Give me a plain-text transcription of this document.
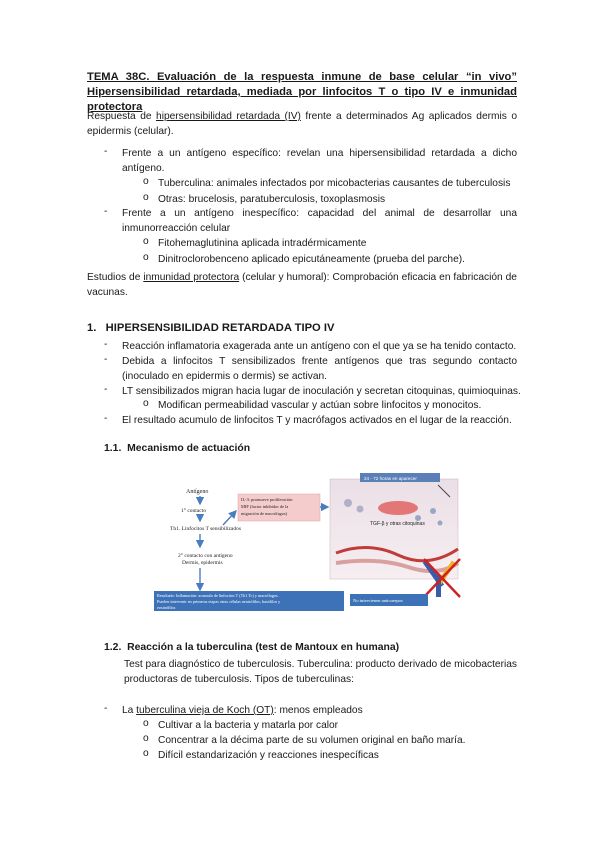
TEMA 38C. Evaluación de la respuesta inmune de base celular “in vivo” Hipersensibilidad retardada, mediada por linfocitos T o tipo IV e inmunidad protectora
Respuesta de hipersensibilidad retardada (IV) frente a determinados Ag aplicados dermis o epidermis (celular).
- Frente a un antígeno específico: revelan una hipersensibilidad retardada a dicho antígeno.
o Tuberculina: animales infectados por micobacterias causantes de tuberculosis
o Otras: brucelosis, paratuberculosis, toxoplasmosis
- Frente a un antígeno inespecífico: capacidad del animal de desarrollar una inmunorreacción celular
o Fitohemaglutinina aplicada intradérmicamente
o Dinitroclorobenceno aplicado epicutáneamente (prueba del parche).
Estudios de inmunidad protectora (celular y humoral): Comprobación eficacia en fabricación de vacunas.
1. HIPERSENSIBILIDAD RETARDADA TIPO IV
- Reacción inflamatoria exagerada ante un antígeno con el que ya se ha tenido contacto.
- Debida a linfocitos T sensibilizados frente antígenos que tras segundo contacto (inoculado en epidermis o dermis) se activan.
- LT sensibilizados migran hacia lugar de inoculación y secretan citoquinas, quimioquinas.
o Modifican permeabilidad vascular y actúan sobre linfocitos y monocitos.
- El resultado acumulo de linfocitos T y macrófagos activados en el lugar de la reacción.
1.1. Mecanismo de actuación
Antígeno
1° contacto
Th1. Linfocitos T sensibilizados
2° contacto con antígeno
Dermis, epidermis
IL-3: promueve proliferación
MIF (factor inhibidor de la
migración de macrófagos)
24 - 72 horas en aparecer
TGF-β y otras citoquinas
Resultado: Inflamación: acumulo de linfocitos T (Th1 Tc) y macrófagos.
Pueden intervenir en primeras etapas otras células neutrófilos, basófilos y
eosinófilos
No intervienen anticuerpos
1.2. Reacción a la tuberculina (test de Mantoux en humana)
Test para diagnóstico de tuberculosis. Tuberculina: producto derivado de micobacterias productoras de tuberculosis. Tipos de tuberculinas:
- La tuberculina vieja de Koch (OT): menos empleados
o Cultivar a la bacteria y matarla por calor
o Concentrar a la décima parte de su volumen original en baño maría.
o Difícil estandarización y reacciones inespecíficas
